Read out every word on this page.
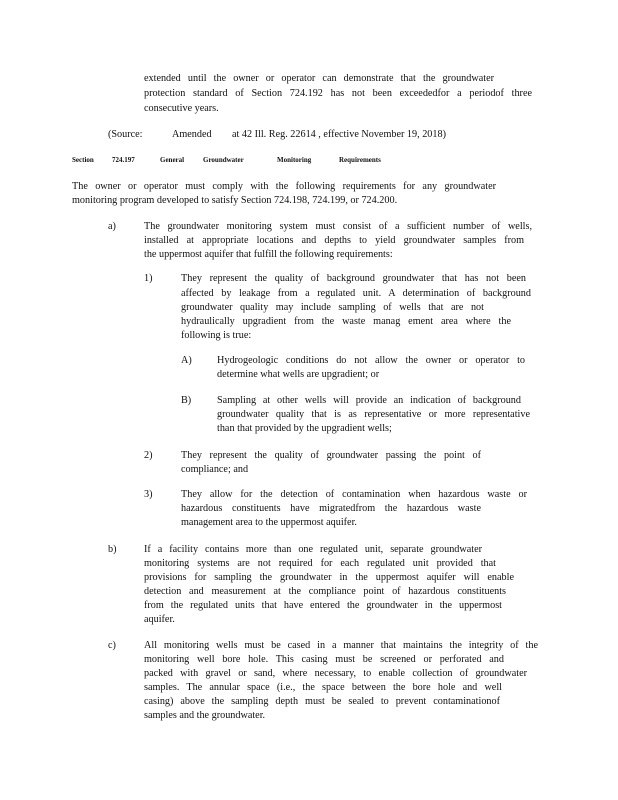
extended until the owner or operator can demonstrate that the groundwater
protection standard of Section 724.192 has not been exceededfor a periodof three
consecutive years.
(Source:	Amended at 42 Ill. Reg. 22614 , effective November 19, 2018)
Section	724.197	General	Groundwater	Monitoring	Requirements
The owner or operator must comply with the following requirements for any groundwater
monitoring program developed to satisfy Section 724.198, 724.199, or 724.200.
a)	The groundwater monitoring system must consist of a sufficient number of wells,
installed at appropriate locations and depths to yield groundwater samples from
the uppermost aquifer that fulfill the following requirements:
1)	They represent the quality of background groundwater that has not been
affected by leakage from a regulated unit. A determination of background
groundwater quality may include sampling of wells that are not
hydraulically upgradient from the waste manag ement area where the
following is true:
A) Hydrogeologic conditions do not allow the owner or operator to
determine what wells are upgradient; or
B)	Sampling at other wells will provide an indication of background
groundwater quality that is as representative or more representative
than that provided by the upgradient wells;
2)	They represent the quality of groundwater passing the point of
compliance; and
3)	They allow for the detection of contamination when hazardous waste or
hazardous constituents have migratedfrom the hazardous waste
management area to the uppermost aquifer.
b)	If a facility contains more than one regulated unit, separate groundwater
monitoring systems are not required for each regulated unit provided that
provisions for sampling the groundwater in the uppermost aquifer will enable
detection and measurement at the compliance point of hazardous constituents
from the regulated units that have entered the groundwater in the uppermost
aquifer.
c)	All monitoring wells must be cased in a manner that maintains the integrity of the
monitoring well bore hole. This casing must be screened or perforated and
packed with gravel or sand, where necessary, to enable collection of groundwater
samples. The annular space (i.e., the space between the bore hole and well
casing) above the sampling depth must be sealed to prevent contaminationof
samples and the groundwater.
